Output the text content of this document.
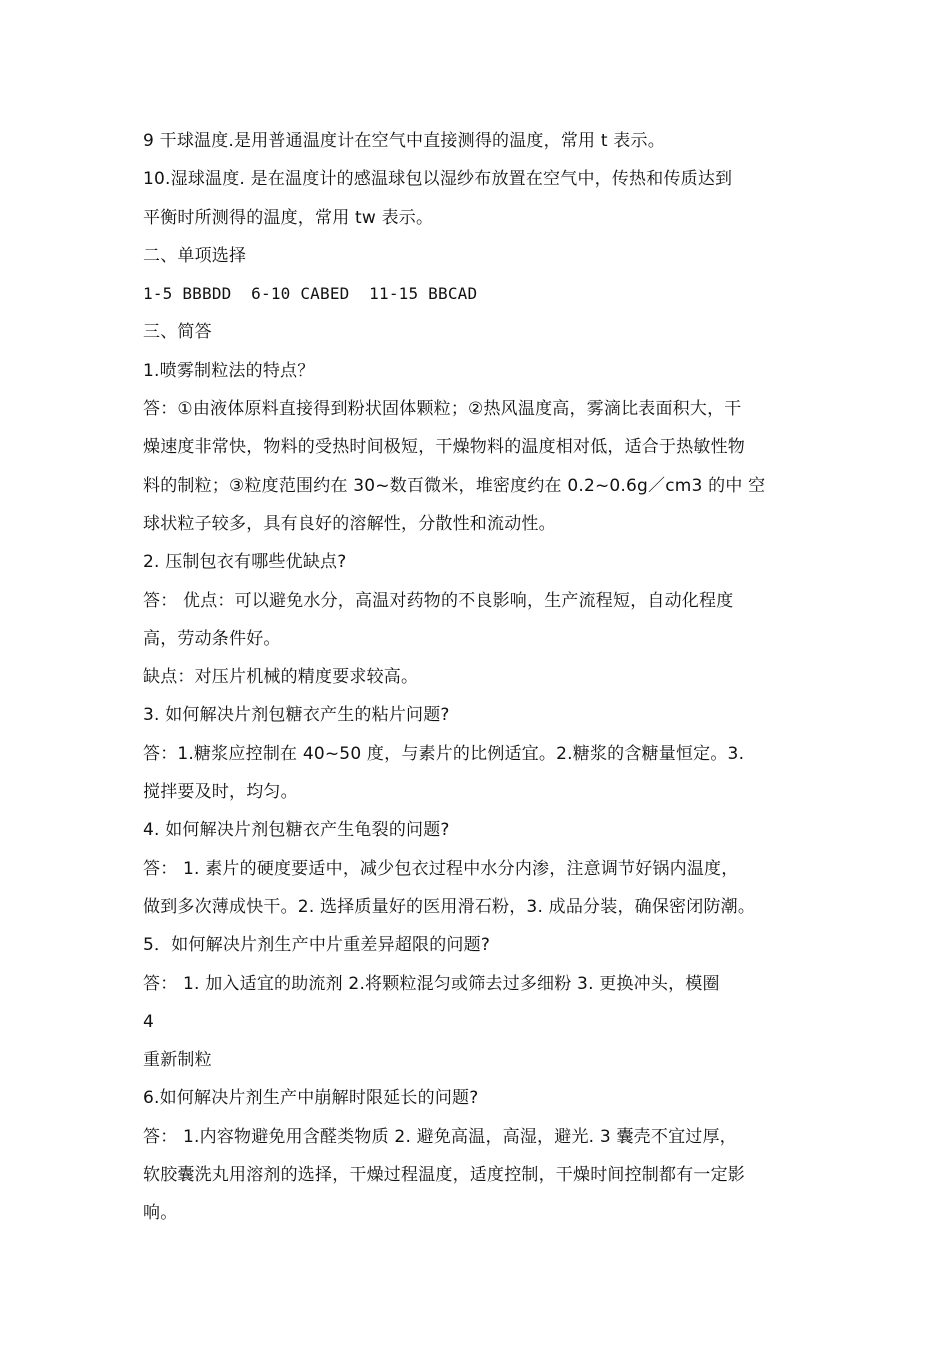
9 干球温度.是用普通温度计在空气中直接测得的温度，常用 t 表示。
10.湿球温度. 是在温度计的感温球包以湿纱布放置在空气中，传热和传质达到
平衡时所测得的温度，常用 tw 表示。
二、单项选择
1-5 BBBDD  6-10 CABED  11-15 BBCAD
三、简答
1.喷雾制粒法的特点？
答：①由液体原料直接得到粉状固体颗粒；②热风温度高，雾滴比表面积大，干
燥速度非常快，物料的受热时间极短，干燥物料的温度相对低，适合于热敏性物
料的制粒；③粒度范围约在 30~数百微米，堆密度约在 0.2~0.6g／cm3 的中 空
球状粒子较多，具有良好的溶解性，分散性和流动性。
2. 压制包衣有哪些优缺点?
答： 优点：可以避免水分，高温对药物的不良影响，生产流程短，自动化程度
高，劳动条件好。
缺点：对压片机械的精度要求较高。
3. 如何解决片剂包糖衣产生的粘片问题?
答：1.糖浆应控制在 40~50 度，与素片的比例适宜。2.糖浆的含糖量恒定。3.
搅拌要及时，均匀。
4. 如何解决片剂包糖衣产生龟裂的问题?
答： 1. 素片的硬度要适中，减少包衣过程中水分内渗，注意调节好锅内温度，
做到多次薄成快干。2. 选择质量好的医用滑石粉，3. 成品分装，确保密闭防潮。
5．如何解决片剂生产中片重差异超限的问题?
答： 1. 加入适宜的助流剂 2.将颗粒混匀或筛去过多细粉 3. 更换冲头，模圈
4
重新制粒
6.如何解决片剂生产中崩解时限延长的问题?
答： 1.内容物避免用含醛类物质 2. 避免高温，高湿，避光. 3 囊壳不宜过厚，
软胶囊洗丸用溶剂的选择，干燥过程温度，适度控制，干燥时间控制都有一定影
响。
